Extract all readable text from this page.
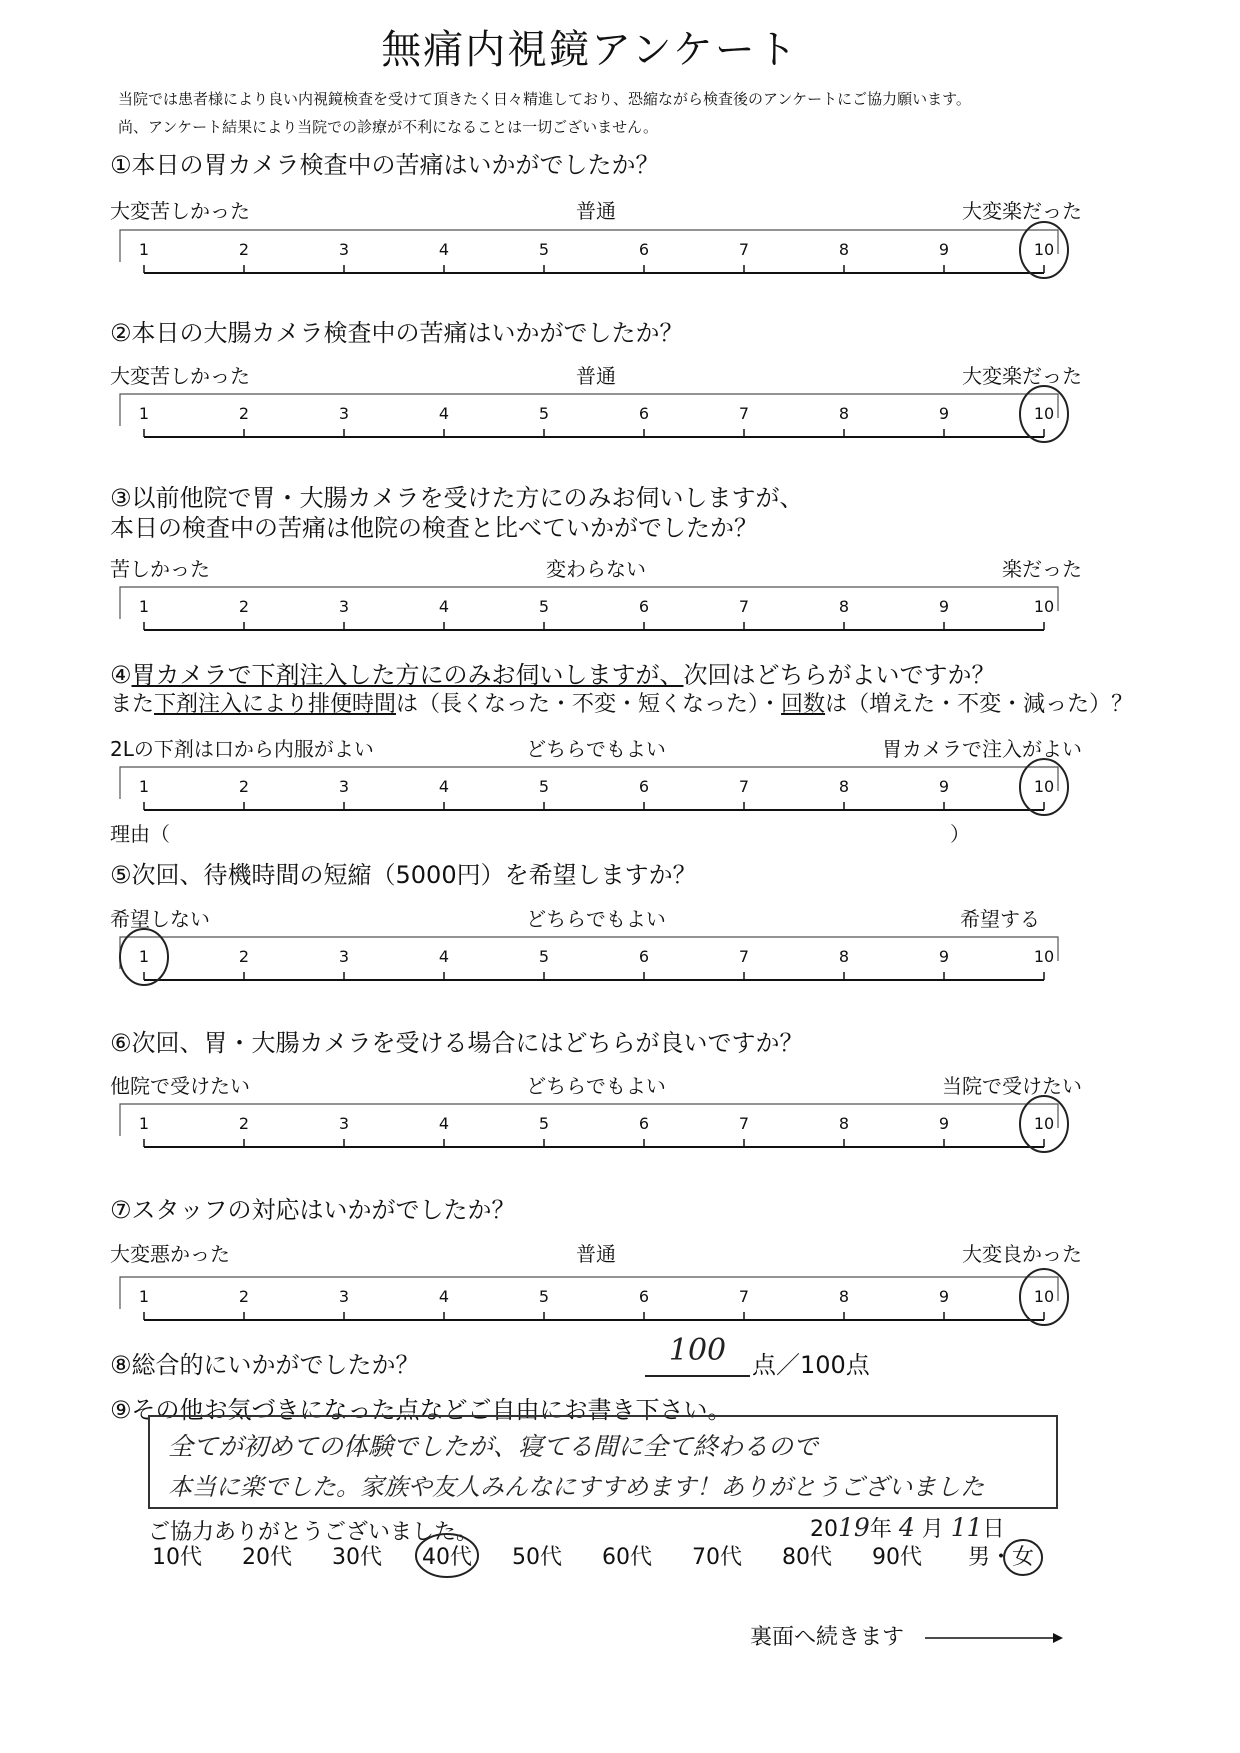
無痛内視鏡アンケート
当院では患者様により良い内視鏡検査を受けて頂きたく日々精進しており、恐縮ながら検査後のアンケートにご協力願います。
尚、アンケート結果により当院での診療が不利になることは一切ございません。
①本日の胃カメラ検査中の苦痛はいかがでしたか？
大変苦しかった	普通	大変楽だった
1	2	3	4	5	6	7	8	9	10
②本日の大腸カメラ検査中の苦痛はいかがでしたか？
大変苦しかった	普通	大変楽だった
1	2	3	4	5	6	7	8	9	10
③以前他院で胃・大腸カメラを受けた方にのみお伺いしますが、
本日の検査中の苦痛は他院の検査と比べていかがでしたか？
苦しかった	変わらない	楽だった
1	2	3	4	5	6	7	8	9	10
④胃カメラで下剤注入した方にのみお伺いしますが、次回はどちらがよいですか？
また下剤注入により排便時間は（長くなった・不変・短くなった）・回数は（増えた・不変・減った）？
2Lの下剤は口から内服がよい	どちらでもよい	胃カメラで注入がよい
1	2	3	4	5	6	7	8	9	10
理由（	）
⑤次回、待機時間の短縮（5000円）を希望しますか？
希望しない	どちらでもよい	希望する
1	2	3	4	5	6	7	8	9	10
⑥次回、胃・大腸カメラを受ける場合にはどちらが良いですか？
他院で受けたい	どちらでもよい	当院で受けたい
1	2	3	4	5	6	7	8	9	10
⑦スタッフの対応はいかがでしたか？
大変悪かった	普通	大変良かった
1	2	3	4	5	6	7	8	9	10
⑧総合的にいかがでしたか？	100	点／100点
⑨その他お気づきになった点などご自由にお書き下さい。
全てが初めての体験でしたが、寝てる間に全て終わるので
本当に楽でした。家族や友人みんなにすすめます！ありがとうございました
ご協力ありがとうございました。	2019年 4 月 11日
10代 20代 30代 40代 50代 60代 70代 80代 90代 男・女
裏面へ続きます
